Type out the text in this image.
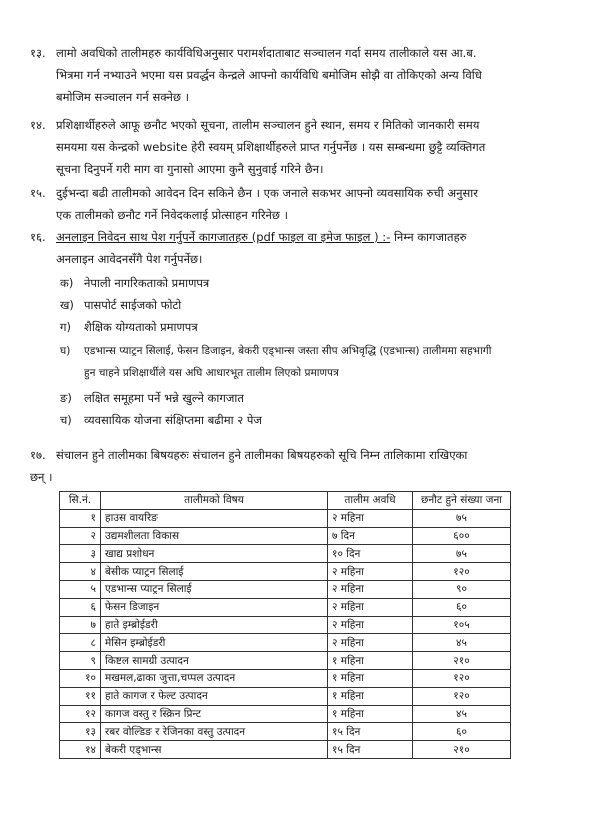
१३. लामो अवधिको तालीमहरु कार्यविधिअनुसार परामर्शदाताबाट सञ्चालन गर्दा समय तालीकाले यस आ.ब.
भित्रमा गर्न नभ्याउने भएमा यस प्रवर्द्धन केन्द्रले आफ्नो कार्यविधि बमोजिम सोझै वा तोकिएको अन्य विधि
बमोजिम सञ्चालन गर्न सक्नेछ ।
१४. प्रशिक्षार्थीहरुले आफू छनौट भएको सूचना, तालीम सञ्चालन हुने स्थान, समय र मितिको जानकारी समय
समयमा यस केन्द्रको website हेरी स्वयम् प्रशिक्षार्थीहरुले प्राप्त गर्नुपर्नेछ । यस सम्बन्धमा छुट्टै व्यक्तिगत
सूचना दिनुपर्ने गरी माग वा गुनासो आएमा कुनै सुनुवाई गरिने छैन।
१५. दुईभन्दा बढी तालीमको आवेदन दिन सकिने छैन । एक जनाले सकभर आफ्नो व्यवसायिक रुची अनुसार
एक तालीमको छनौट गर्ने निवेदकलाई प्रोत्साहन गरिनेछ ।
१६. अनलाइन निवेदन साथ पेश गर्नुपर्ने कागजातहरु (pdf फाइल वा इमेज फाइल ) :- निम्न कागजातहरु
अनलाइन आवेदनसँगै पेश गर्नुपर्नेछ।
क) नेपाली नागरिकताको प्रमाणपत्र
ख) पासपोर्ट साईजको फोटो
ग) शैक्षिक योग्यताको प्रमाणपत्र
घ) एडभान्स प्याट्रन सिलाई, फेसन डिजाइन, बेकरी एड्भान्स जस्ता सीप अभिवृद्धि (एडभान्स) तालीममा सहभागी
हुन चाहने प्रशिक्षार्थीले यस अघि आधारभूत तालीम लिएको प्रमाणपत्र
ङ) लक्षित समूहमा पर्ने भन्ने खुल्ने कागजात
च) व्यवसायिक योजना संक्षिप्तमा बढीमा २ पेज
१७. संचालन हुने तालीमका बिषयहरुः संचालन हुने तालीमका बिषयहरुको सूचि निम्न तालिकामा राखिएका
छन् ।
सि.नं.	तालीमको विषय	तालीम अवधि	छनौट हुने संख्या जना
१	हाउस वायरिङ	२ महिना	७५
२	उद्यमशीलता विकास	७ दिन	६००
३	खाद्य प्रशोधन	१० दिन	७५
४	बेसीक प्याट्रन सिलाई	२ महिना	१२०
५	एडभान्स प्याट्रन सिलाई	२ महिना	९०
६	फेसन डिजाइन	२ महिना	६०
७	हाते इम्ब्रोईडरी	२ महिना	१०५
८	मेसिन इम्ब्रोईडरी	२ महिना	४५
९	किष्टल सामग्री उत्पादन	१ महिना	२१०
१०	मखमल,ढाका जुत्ता,चप्पल उत्पादन	१ महिना	१२०
११	हाते कागज र फेल्ट उत्पादन	१ महिना	१२०
१२	कागज वस्तु र स्क्रिन प्रिन्ट	१ महिना	४५
१३	रबर वोल्डिङ र रेजिनका वस्तु उत्पादन	१५ दिन	६०
१४	बेकरी एड्भान्स	१५ दिन	२१०
